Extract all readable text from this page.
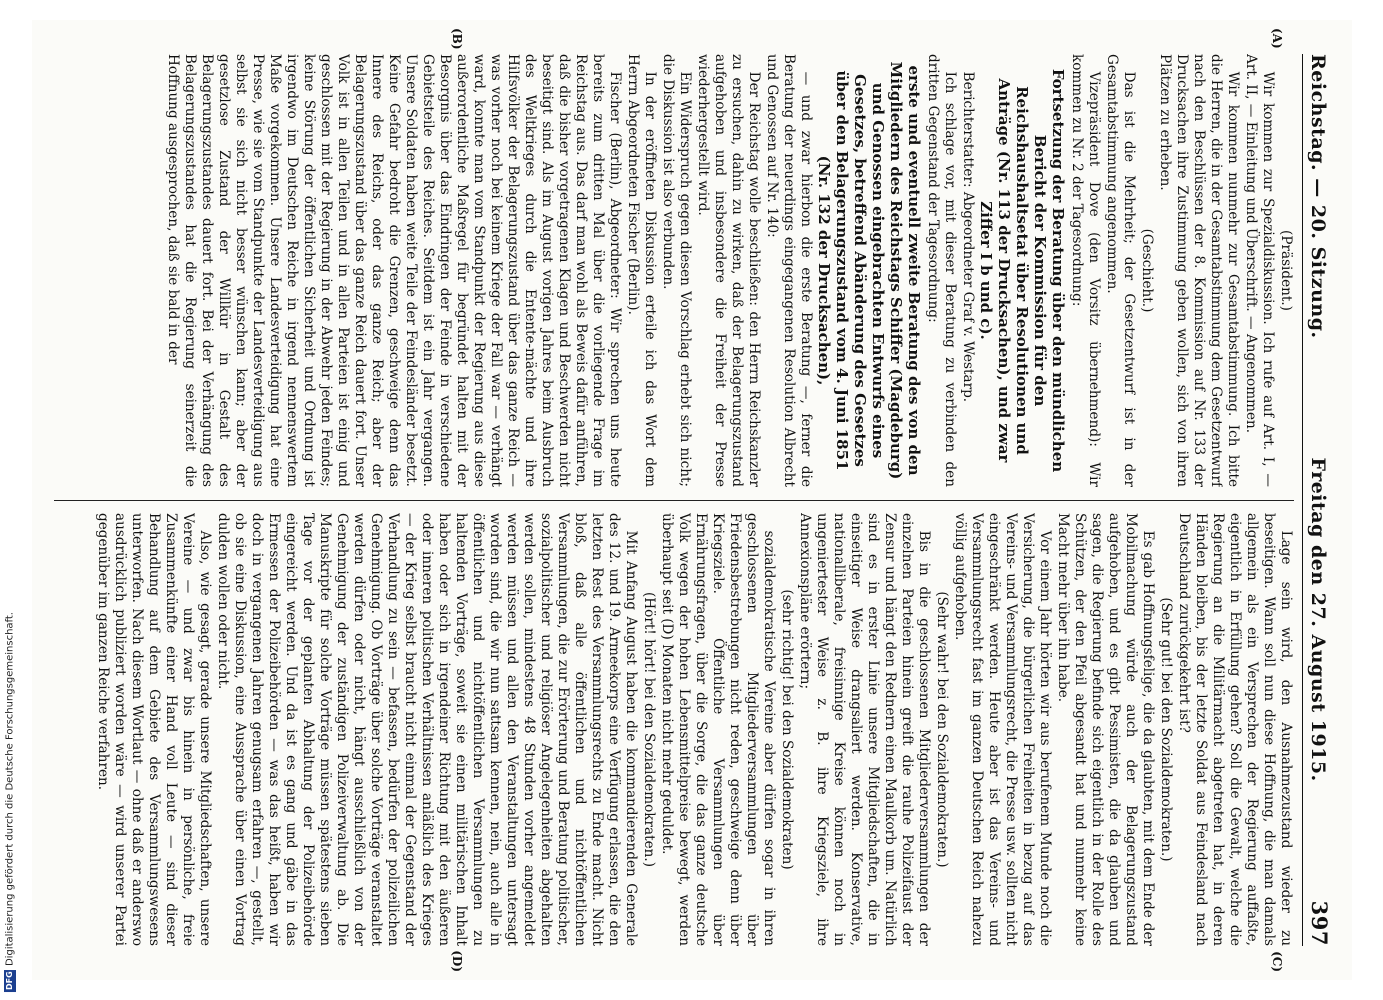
Reichstag. — 20. Sitzung.
Freitag den 27. August 1915.
397
(A)
(B)
(C)
(D)

(Präsident.)

Wir kommen zur Spezialdiskussion. Ich rufe auf Art. I, — Art. II, — Einleitung und Überschrift. — Angenommen.

Wir kommen nunmehr zur Gesamtabstimmung. Ich bitte die Herren, die in der Gesamtabstimmung dem Gesetzentwurf nach den Beschlüssen der 8. Kommission auf Nr. 133 der Drucksachen ihre Zustimmung geben wollen, sich von ihren Plätzen zu erheben.

(Geschieht.)

Das ist die Mehrheit; der Gesetzentwurf ist in der Gesamtabstimmung angenommen.

Vizepräsident Dove (den Vorsitz übernehmend): Wir kommen zu Nr. 2 der Tagesordnung:

Fortsetzung der Beratung über den mündlichen Bericht der Kommission für den Reichshaushaltsetat über Resolutionen und Anträge (Nr. 113 der Drucksachen), und zwar Ziffer I b und c).

Berichterstatter: Abgeordneter Graf v. Westarp.

Ich schlage vor, mit dieser Beratung zu verbinden den dritten Gegenstand der Tagesordnung:

erste und eventuell zweite Beratung des von den Mitgliedern des Reichstags Schiffer (Magdeburg) und Genossen eingebrachten Entwurfs eines Gesetzes, betreffend Abänderung des Gesetzes über den Belagerungszustand vom 4. Juni 1851 (Nr. 132 der Drucksachen),

— und zwar hierbon die erste Beratung —, ferner die Beratung der neuerdings eingegangenen Resolution Albrecht und Genossen auf Nr. 140:

Der Reichstag wolle beschließen: den Herrn Reichskanzler zu ersuchen, dahin zu wirken, daß der Belagerungszustand aufgehoben und insbesondere die Freiheit der Presse wiederhergestellt wird.

Ein Widerspruch gegen diesen Vorschlag erhebt sich nicht; die Diskussion ist also verbunden.

In der eröffneten Diskussion erteile ich das Wort dem Herrn Abgeordneten Fischer (Berlin).

Fischer (Berlin), Abgeordneter: Wir sprechen uns heute bereits zum dritten Mal über die vorliegende Frage im Reichstag aus. Das darf man wohl als Beweis dafür anführen, daß die bisher vorgetragenen Klagen und Beschwerden nicht beseitigt sind. Als im August vorigen Jahres beim Ausbruch des Weltkrieges durch die Entente-mächte und ihre Hilfsvölker der Belagerungszustand über das ganze Reich — was vorher noch bei keinem Kriege der Fall war — verhängt ward, konnte man vom Standpunkt der Regierung aus diese außerordentliche Maßregel für begründet halten mit der Besorgnis über das Eindringen der Feinde in verschiedene Gebietsteile des Reiches. Seitdem ist ein Jahr vergangen. Unsere Soldaten haben weite Teile der Feindesländer besetzt. Keine Gefahr bedroht die Grenzen, geschweige denn das Innere des Reichs, oder das ganze Reich; aber der Belagerungszustand über das ganze Reich dauert fort. Unser Volk ist in allen Teilen und in allen Parteien ist einig und geschlossen mit der Regierung in der Abwehr jeden Feindes; keine Störung der öffentlichen Sicherheit und Ordnung ist irgendwo im Deutschen Reiche in irgend nennenswertem Maße vorgekommen. Unsere Landesverteidigung hat eine Presse, wie sie vom Standpunkte der Landesverteidigung aus selbst sie sich nicht besser wünschen kann; aber der gesetzlose Zustand der Willkür in Gestalt des Belagerungszustandes dauert fort. Bei der Verhängung des Belagerungszustandes hat die Regierung seinerzeit die Hoffnung ausgesprochen, daß sie bald in der

Lage sein wird, den Ausnahmezustand wieder zu beseitigen. Wann soll nun diese Hoffnung, die man damals allgemein als ein Versprechen der Regierung auffaßte, eigentlich in Erfüllung gehen? Soll die Gewalt, welche die Regierung an die Militärmacht abgetreten hat, in deren Händen bleiben, bis der letzte Soldat aus Feindesland nach Deutschland zurückgekehrt ist?

(Sehr gut! bei den Sozialdemokraten.)

Es gab Hoffnungsfelige, die da glaubten, mit dem Ende der Mobilmachung würde auch der Belagerungszustand aufgehoben, und es gibt Pessimisten, die da glauben und sagen, die Regierung befinde sich eigentlich in der Rolle des Schützen, der den Pfeil abgesandt hat und nunmehr keine Macht mehr über ihn habe.

Vor einem Jahr hörten wir aus berufenem Munde noch die Versicherung, die bürgerlichen Freiheiten in bezug auf das Vereins- und Versammlungsrecht, die Presse usw. sollten nicht eingeschränkt werden. Heute aber ist das Vereins- und Versammlungsrecht fast im ganzen Deutschen Reich nahezu völlig aufgehoben.

(Sehr wahr! bei den Sozialdemokraten.)

Bis in die geschlossenen Mitgliederversammlungen der einzelnen Parteien hinein greift die rauhe Polizeifaust der Zensur und hängt den Rednern einen Maulkorb um. Natürlich sind es in erster Linie unsere Mitgliedschaften, die in einseitiger Weise drangsaliert werden. Konservative, nationalliberale, freisinnige Kreise können noch in ungeniertester Weise z. B. ihre Kriegsziele, ihre Annexionspläne erörtern;

(sehr richtig! bei den Sozialdemokraten)

sozialdemokratische Vereine aber dürfen sogar in ihren geschlossenen Mitgliederversammlungen über Friedensbestrebungen nicht reden, geschweige denn über Kriegsziele. Öffentliche Versammlungen über Ernährungsfragen, über die Sorge, die das ganze deutsche Volk wegen der hohen Lebensmittelpreise bewegt, werden überhaupt seit (D) Monaten nicht mehr geduldet.

(Hört! hört! bei den Sozialdemokraten.)

Mit Anfang August haben die kommandierenden Generale des 12. und 19. Armeekorps eine Verfügung erlassen, die den letzten Rest des Versammlungsrechts zu Ende macht. Nicht bloß, daß alle öffentlichen und nichtöffentlichen Versammlungen, die zur Erörterung und Beratung politischer, sozialpolitischer und religiöser Angelegenheiten abgehalten werden sollen, mindestens 48 Stunden vorher angemeldet werden müssen und allen den Veranstaltungen untersagt worden sind, die wir nun sattsam kennen, nein, auch alle in öffentlichen und nichtöffentlichen Versammlungen zu haltenden Vorträge, soweit sie einen militärischen Inhalt haben oder sich in irgendeiner Richtung mit den äußeren oder inneren politischen Verhältnissen anläßlich des Krieges — der Krieg selbst braucht nicht einmal der Gegenstand der Verhandlung zu sein — befassen, bedürfen der polizeilichen Genehmigung. Ob Vorträge über solche Vorträge veranstaltet werden dürfen oder nicht, hängt ausschließlich von der Genehmigung der zuständigen Polizeiverwaltung ab. Die Manuskripte für solche Vorträge müssen spätestens sieben Tage vor der geplanten Abhaltung der Polizeibehörde eingereicht werden. Und da ist es gang und gäbe in das Ermessen der Polizeibehörden — was das heißt, haben wir doch in vergangenen Jahren genugsam erfahren —, gestellt, ob sie eine Diskussion, eine Aussprache über einen Vortrag dulden wollen oder nicht.

Also, wie gesagt, gerade unsere Mitgliedschaften, unsere Vereine — und zwar bis hinein in persönliche, freie Zusammenkünfte einer Hand voll Leute — sind dieser Behandlung auf dem Gebiete des Versammlungswesens unterworfen. Nach diesem Wortlaut — ohne daß er anderswo ausdrücklich publiziert worden wäre — wird unserer Partei gegenüber im ganzen Reiche verfahren.

DFG
Digitalisierung gefördert durch die Deutsche Forschungsgemeinschaft.
